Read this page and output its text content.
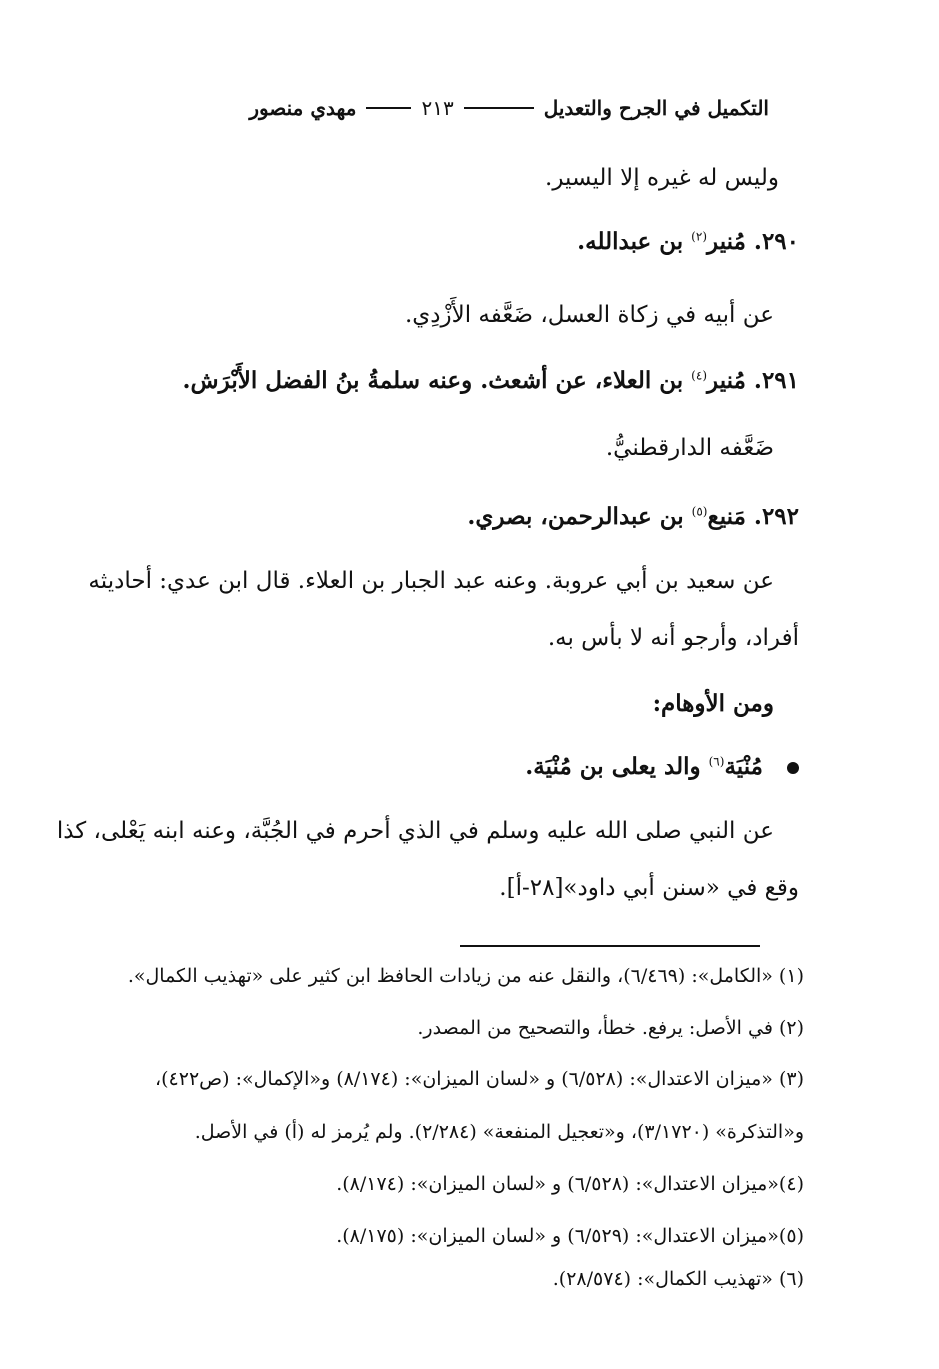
التكميل في الجرح والتعديل
٢١٣
مهدي منصور
وليس له غيره إلا اليسير.
٢٩٠. مُنير$^{(٢)}$ بن عبدالله.
عن أبيه في زكاة العسل، ضَعَّفه الأَزْدِي.
٢٩١. مُنير$^{(٤)}$ بن العلاء، عن أشعث. وعنه سلمةُ بنُ الفضل الأَبْرَش.
ضَعَّفه الدارقطنيُّ.
٢٩٢. مَنيع$^{(٥)}$ بن عبدالرحمن، بصري.
عن سعيد بن أبي عروبة. وعنه عبد الجبار بن العلاء. قال ابن عدي: أحاديثه
أفراد، وأرجو أنه لا بأس به.
ومن الأوهام:
مُنْيَة$^{(٦)}$ والد يعلى بن مُنْيَة.
عن النبي صلى الله عليه وسلم في الذي أحرم في الجُبَّة، وعنه ابنه يَعْلى، كذا
وقع في «سنن أبي داود»[٢٨-أ].
(١) «الكامل»: (٦/٤٦٩)، والنقل عنه من زيادات الحافظ ابن كثير على «تهذيب الكمال».
(٢) في الأصل: يرفع. خطأ، والتصحيح من المصدر.
(٣) «ميزان الاعتدال»: (٦/٥٢٨) و «لسان الميزان»: (٨/١٧٤) و«الإكمال»: (ص٤٢٢)،
و«التذكرة» (٣/١٧٢٠)، و«تعجيل المنفعة» (٢/٢٨٤). ولم يُرمز له (أ) في الأصل.
(٤)«ميزان الاعتدال»: (٦/٥٢٨) و «لسان الميزان»: (٨/١٧٤).
(٥)«ميزان الاعتدال»: (٦/٥٢٩) و «لسان الميزان»: (٨/١٧٥).
(٦) «تهذيب الكمال»: (٢٨/٥٧٤).
